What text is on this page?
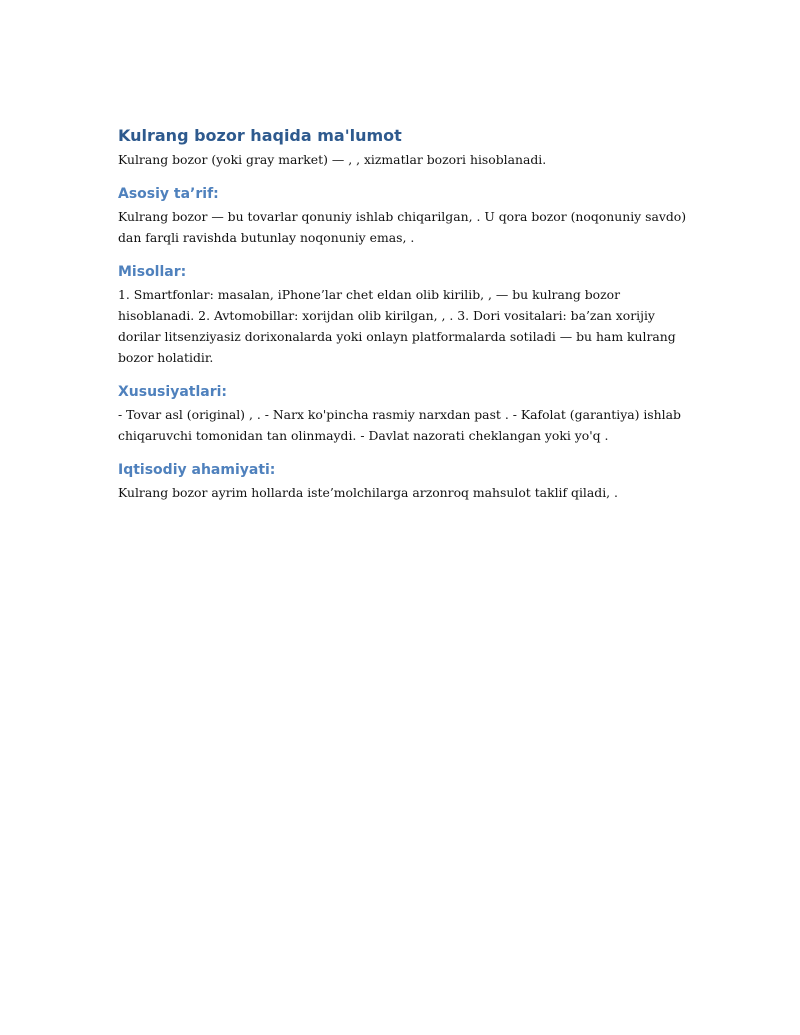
Kulrang bozor haqida ma'lumot

Kulrang bozor (yoki gray market) — , , xizmatlar bozori hisoblanadi.

Asosiy ta’rif:

Kulrang bozor — bu tovarlar qonuniy ishlab chiqarilgan, . U qora bozor (noqonuniy savdo) dan farqli ravishda butunlay noqonuniy emas, .

Misollar:

1. Smartfonlar: masalan, iPhone’lar chet eldan olib kirilib, , — bu kulrang bozor hisoblanadi. 2. Avtomobillar: xorijdan olib kirilgan, , . 3. Dori vositalari: ba’zan xorijiy dorilar litsenziyasiz dorixonalarda yoki onlayn platformalarda sotiladi — bu ham kulrang bozor holatidir.

Xususiyatlari:

- Tovar asl (original) , . - Narx ko'pincha rasmiy narxdan past . - Kafolat (garantiya) ishlab chiqaruvchi tomonidan tan olinmaydi. - Davlat nazorati cheklangan yoki yo'q .

Iqtisodiy ahamiyati:

Kulrang bozor ayrim hollarda iste’molchilarga arzonroq mahsulot taklif qiladi, .
